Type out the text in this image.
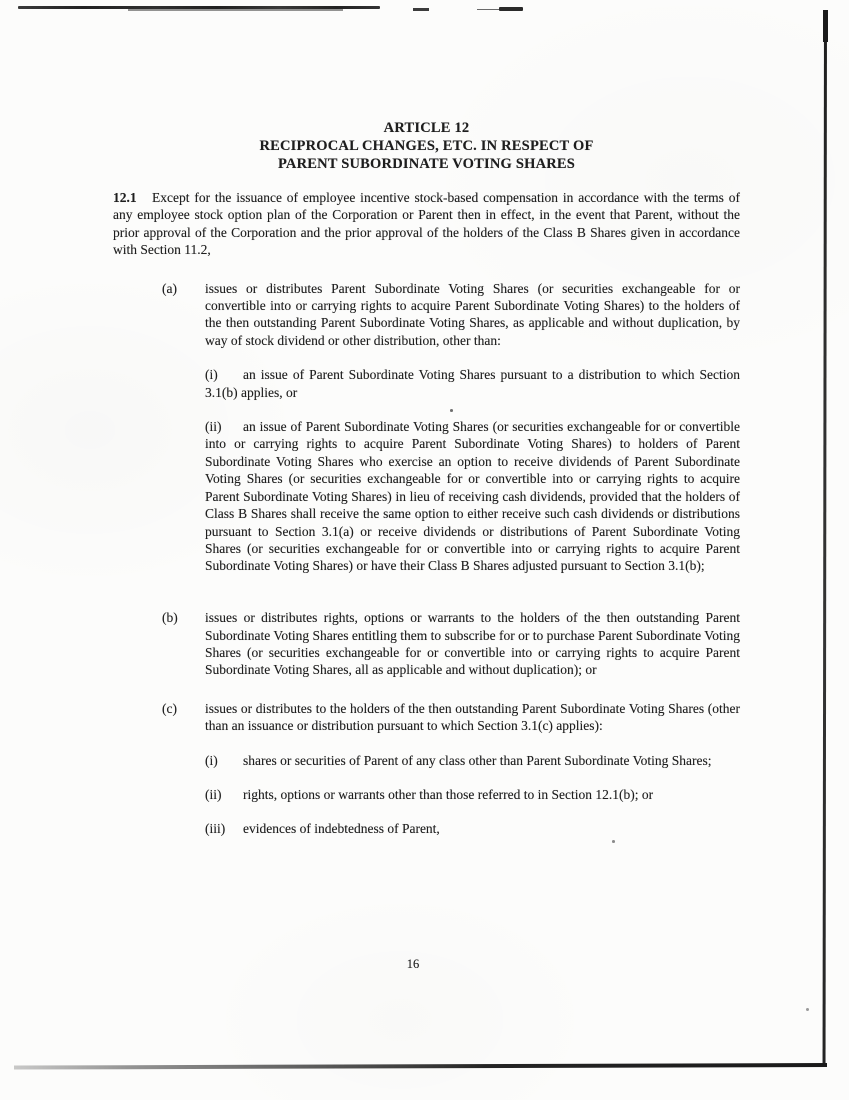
ARTICLE 12
RECIPROCAL CHANGES, ETC. IN RESPECT OF
PARENT SUBORDINATE VOTING SHARES

12.1 Except for the issuance of employee incentive stock-based compensation in accordance with the terms of any employee stock option plan of the Corporation or Parent then in effect, in the event that Parent, without the prior approval of the Corporation and the prior approval of the holders of the Class B Shares given in accordance with Section 11.2,

(a)	issues or distributes Parent Subordinate Voting Shares (or securities exchangeable for or convertible into or carrying rights to acquire Parent Subordinate Voting Shares) to the holders of the then outstanding Parent Subordinate Voting Shares, as applicable and without duplication, by way of stock dividend or other distribution, other than:

(i) an issue of Parent Subordinate Voting Shares pursuant to a distribution to which Section 3.1(b) applies, or

(ii) an issue of Parent Subordinate Voting Shares (or securities exchangeable for or convertible into or carrying rights to acquire Parent Subordinate Voting Shares) to holders of Parent Subordinate Voting Shares who exercise an option to receive dividends of Parent Subordinate Voting Shares (or securities exchangeable for or convertible into or carrying rights to acquire Parent Subordinate Voting Shares) in lieu of receiving cash dividends, provided that the holders of Class B Shares shall receive the same option to either receive such cash dividends or distributions pursuant to Section 3.1(a) or receive dividends or distributions of Parent Subordinate Voting Shares (or securities exchangeable for or convertible into or carrying rights to acquire Parent Subordinate Voting Shares) or have their Class B Shares adjusted pursuant to Section 3.1(b);

(b)	issues or distributes rights, options or warrants to the holders of the then outstanding Parent Subordinate Voting Shares entitling them to subscribe for or to purchase Parent Subordinate Voting Shares (or securities exchangeable for or convertible into or carrying rights to acquire Parent Subordinate Voting Shares, all as applicable and without duplication); or

(c)	issues or distributes to the holders of the then outstanding Parent Subordinate Voting Shares (other than an issuance or distribution pursuant to which Section 3.1(c) applies):

(i) shares or securities of Parent of any class other than Parent Subordinate Voting Shares;

(ii) rights, options or warrants other than those referred to in Section 12.1(b); or

(iii) evidences of indebtedness of Parent,

16
